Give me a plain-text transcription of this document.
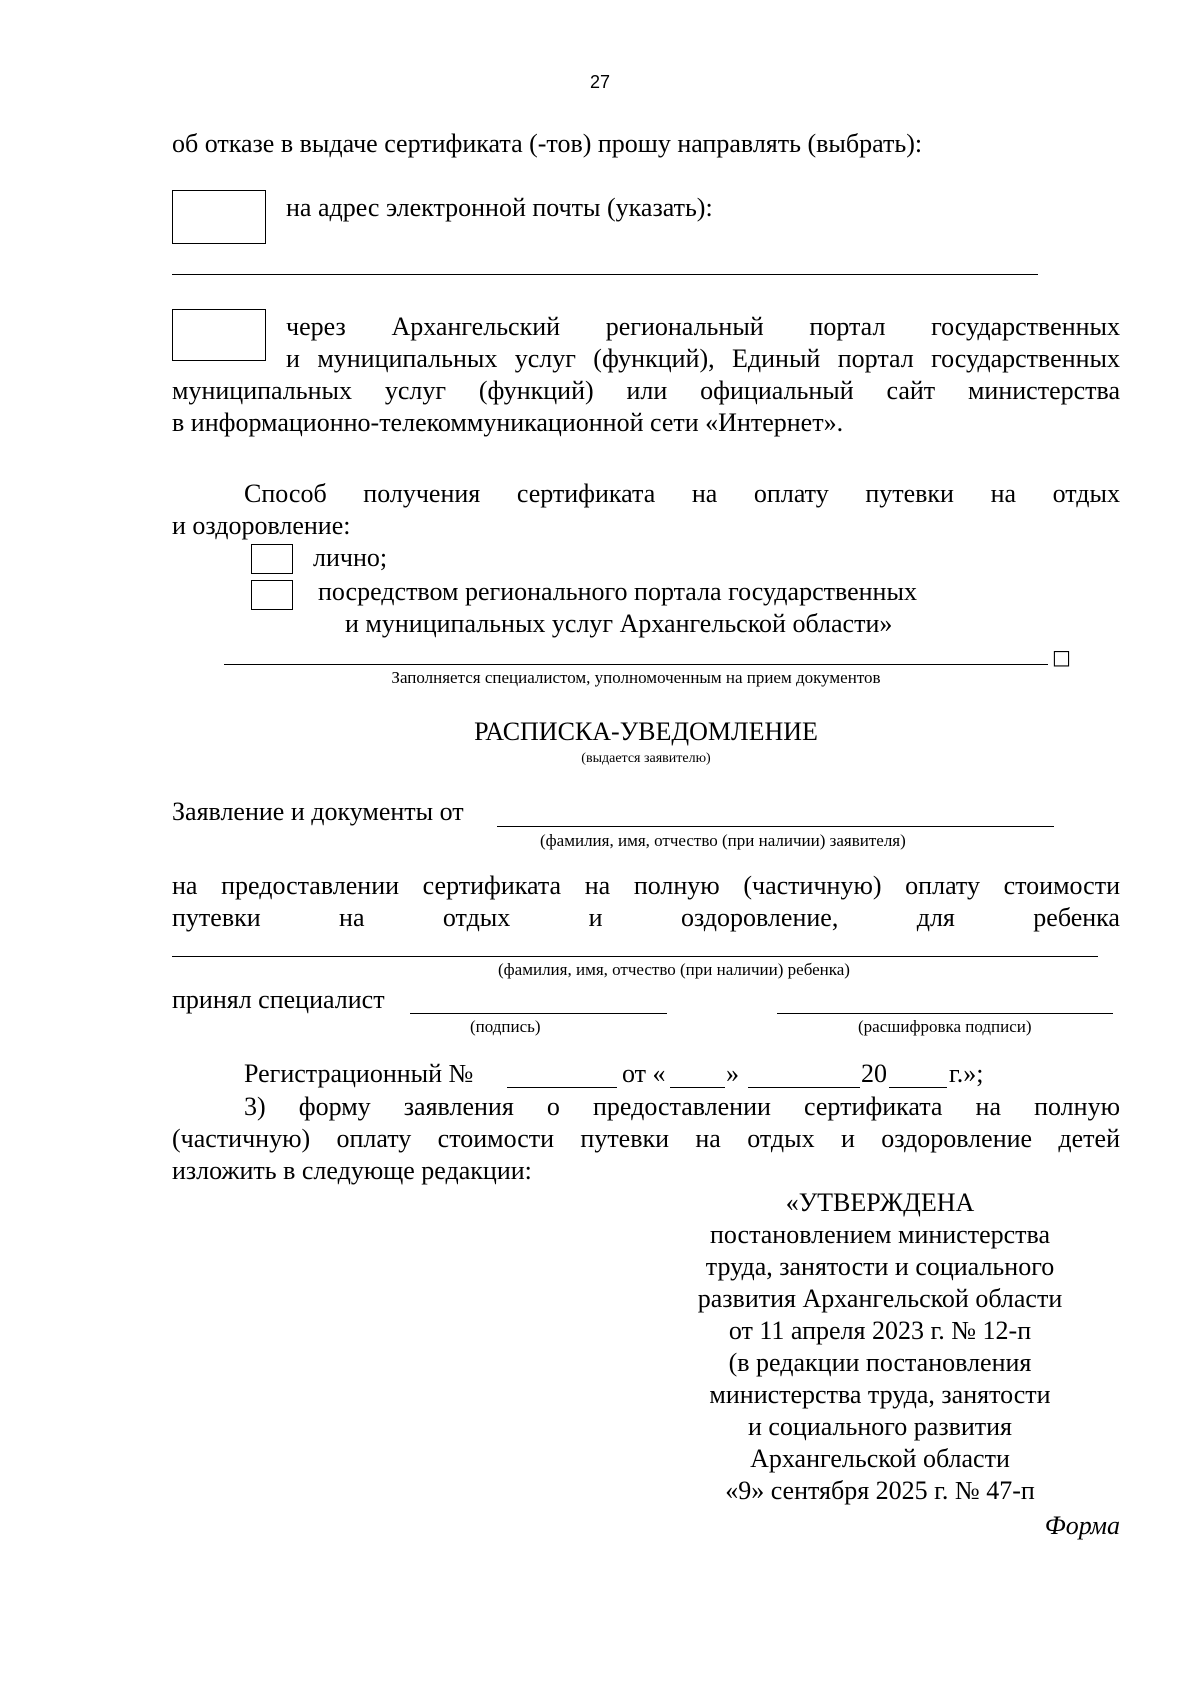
27
об отказе в выдаче сертификата (-тов) прошу направлять (выбрать):
на адрес электронной почты (указать):
через Архангельский региональный портал государственных
и муниципальных услуг (функций), Единый портал государственных
муниципальных услуг (функций) или официальный сайт министерства
в информационно-телекоммуникационной сети «Интернет».
Способ получения сертификата на оплату путевки на отдых
и оздоровление:
лично;
посредством регионального портала государственных
и муниципальных услуг Архангельской области»
□
Заполняется специалистом, уполномоченным на прием документов
РАСПИСКА-УВЕДОМЛЕНИЕ
(выдается заявителю)
Заявление и документы от
(фамилия, имя, отчество (при наличии) заявителя)
на предоставлении сертификата на полную (частичную) оплату стоимости
путевки	на	отдых	и	оздоровление,	для	ребенка
(фамилия, имя, отчество (при наличии) ребенка)
принял специалист
(подпись)	(расшифровка подписи)
Регистрационный №	от « »	20 г.»;
3) форму заявления о предоставлении сертификата на полную
(частичную) оплату стоимости путевки на отдых и оздоровление детей
изложить в следующе редакции:
«УТВЕРЖДЕНА
постановлением министерства
труда, занятости и социального
развития Архангельской области
от 11 апреля 2023 г. № 12-п
(в редакции постановления
министерства труда, занятости
и социального развития
Архангельской области
«9» сентября 2025 г. № 47-п
Форма
